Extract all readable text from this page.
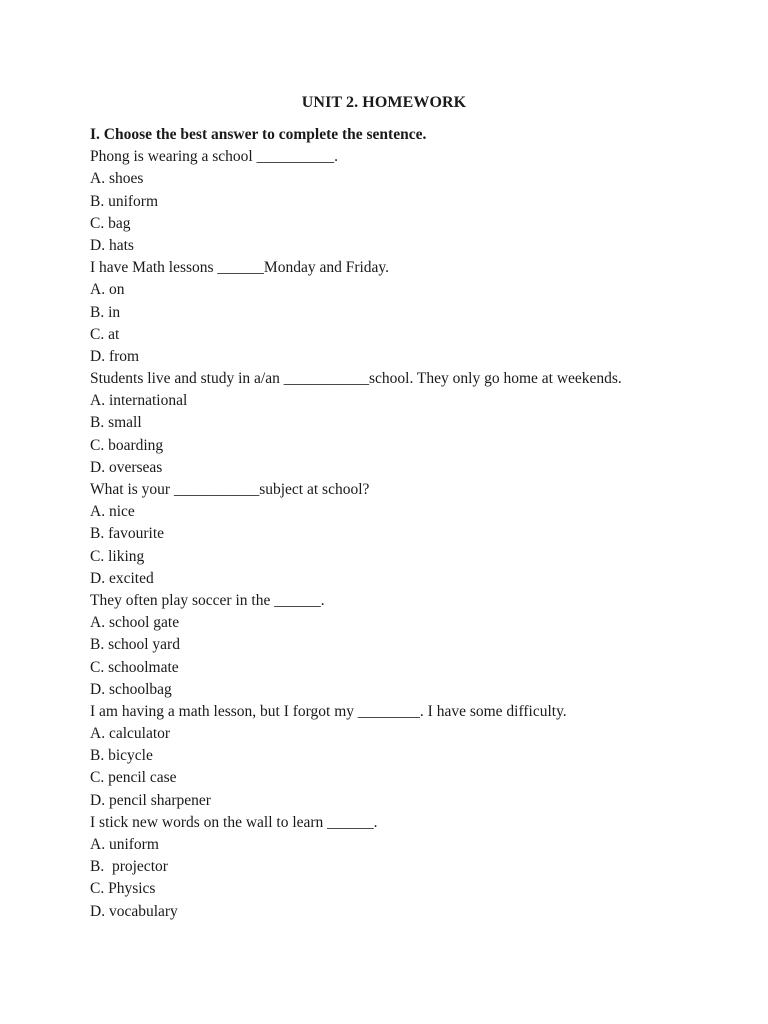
UNIT 2. HOMEWORK
I. Choose the best answer to complete the sentence.
Phong is wearing a school __________.
A. shoes
B. uniform
C. bag
D. hats
I have Math lessons ______Monday and Friday.
A. on
B. in
C. at
D. from
Students live and study in a/an ___________school. They only go home at weekends.
A. international
B. small
C. boarding
D. overseas
What is your ___________subject at school?
A. nice
B. favourite
C. liking
D. excited
They often play soccer in the ______.
A. school gate
B. school yard
C. schoolmate
D. schoolbag
I am having a math lesson, but I forgot my ________. I have some difficulty.
A. calculator
B. bicycle
C. pencil case
D. pencil sharpener
I stick new words on the wall to learn ______.
A. uniform
B.  projector
C. Physics
D. vocabulary
